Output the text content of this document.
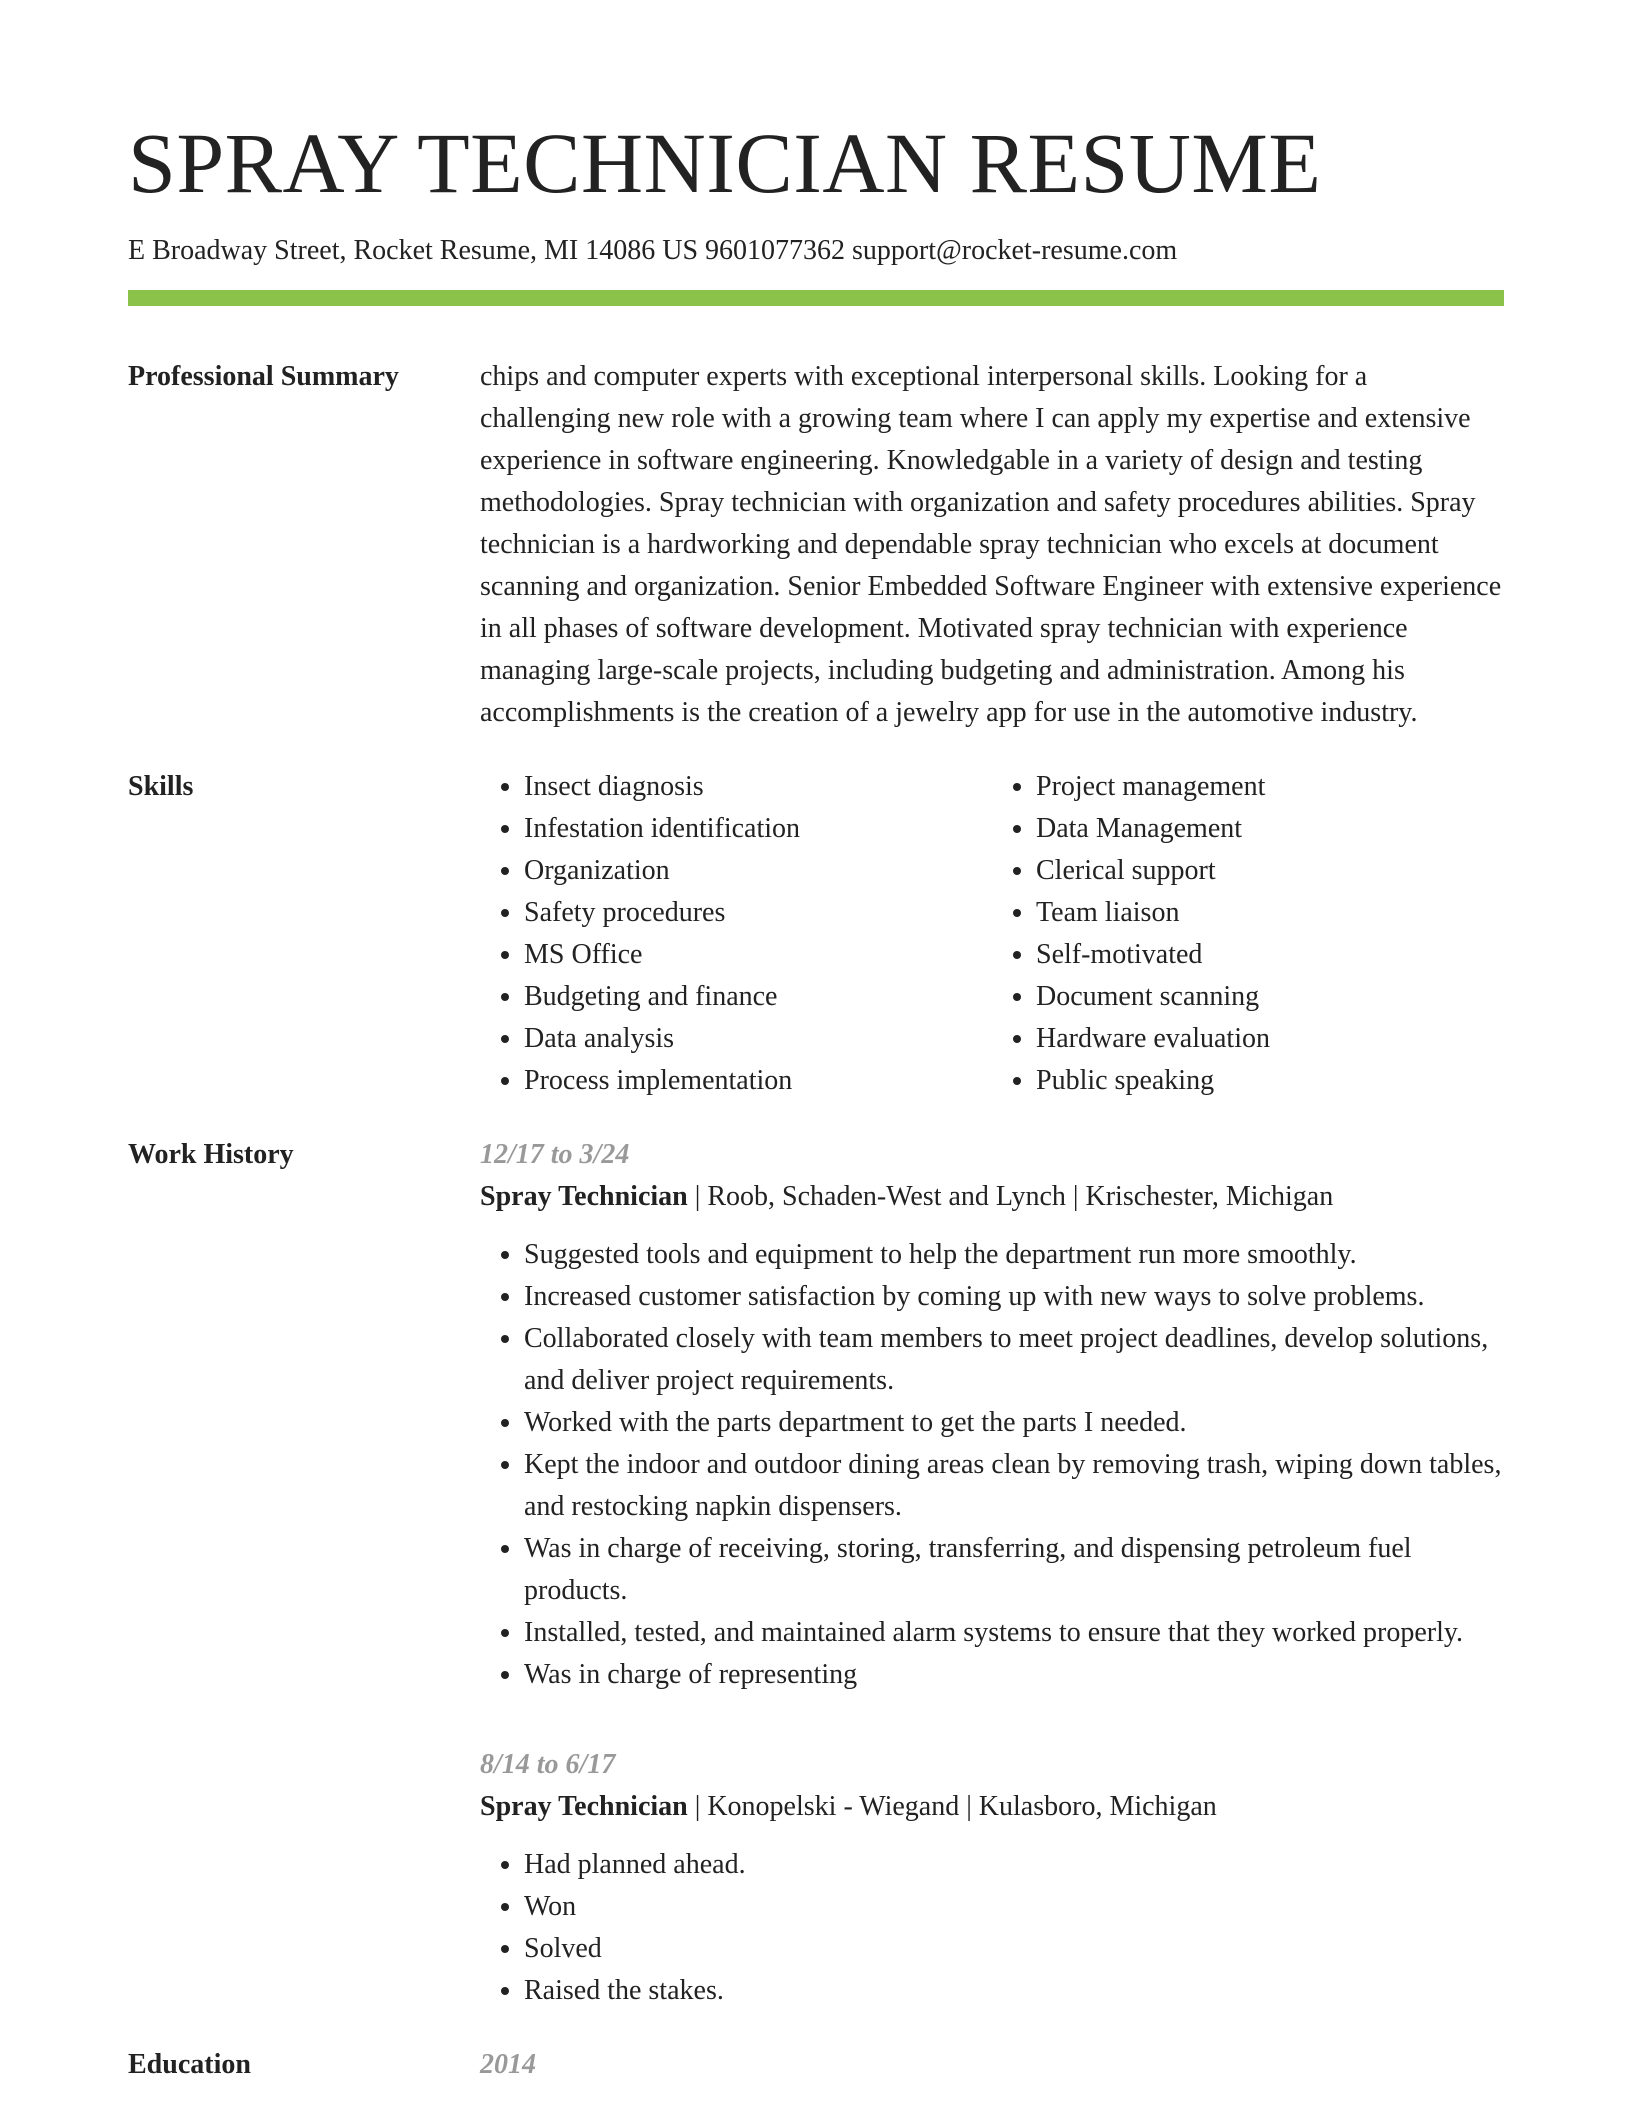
SPRAY TECHNICIAN RESUME
E Broadway Street, Rocket Resume, MI 14086 US 9601077362 support@rocket-resume.com
Professional Summary	chips and computer experts with exceptional interpersonal skills. Looking for a challenging new role with a growing team where I can apply my expertise and extensive experience in software engineering. Knowledgable in a variety of design and testing methodologies. Spray technician with organization and safety procedures abilities. Spray technician is a hardworking and dependable spray technician who excels at document scanning and organization. Senior Embedded Software Engineer with extensive experience in all phases of software development. Motivated spray technician with experience managing large-scale projects, including budgeting and administration. Among his accomplishments is the creation of a jewelry app for use in the automotive industry.

Skills
•	Insect diagnosis
• Infestation identification
• Organization
• Safety procedures
• MS Office
• Budgeting and finance
• Data analysis
• Process implementation
• Project management
• Data Management
• Clerical support
• Team liaison
• Self-motivated
• Document scanning
• Hardware evaluation
• Public speaking
Work History	12/17 to 3/24
Spray Technician | Roob, Schaden-West and Lynch | Krischester, Michigan
• Suggested tools and equipment to help the department run more smoothly.
• Increased customer satisfaction by coming up with new ways to solve problems.
• Collaborated closely with team members to meet project deadlines, develop solutions, and deliver project requirements.
• Worked with the parts department to get the parts I needed.
• Kept the indoor and outdoor dining areas clean by removing trash, wiping down tables, and restocking napkin dispensers.
• Was in charge of receiving, storing, transferring, and dispensing petroleum fuel products.
• Installed, tested, and maintained alarm systems to ensure that they worked properly.
• Was in charge of representing
8/14 to 6/17
Spray Technician | Konopelski - Wiegand | Kulasboro, Michigan
• Had planned ahead.
• Won
• Solved
• Raised the stakes.
Education	2014
